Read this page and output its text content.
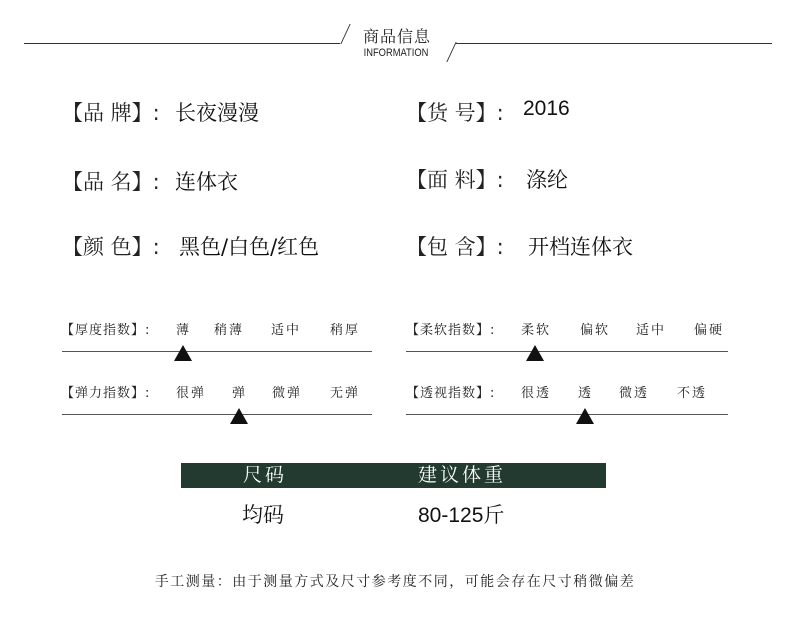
商品信息
INFORMATION
【品 牌】: 长夜漫漫	【货 号】: 2016
【品 名】: 连体衣	【面 料】: 涤纶
【颜 色】: 黑色/白色/红色	【包 含】: 开档连体衣
【厚度指数】: 薄 稍薄 适中 稍厚	【柔软指数】: 柔软 偏软 适中 偏硬
【弹力指数】: 很弹 弹 微弹 无弹	【透视指数】: 很透 透 微透 不透
尺码	建议体重
均码	80-125斤
手工测量：由于测量方式及尺寸参考度不同，可能会存在尺寸稍微偏差
